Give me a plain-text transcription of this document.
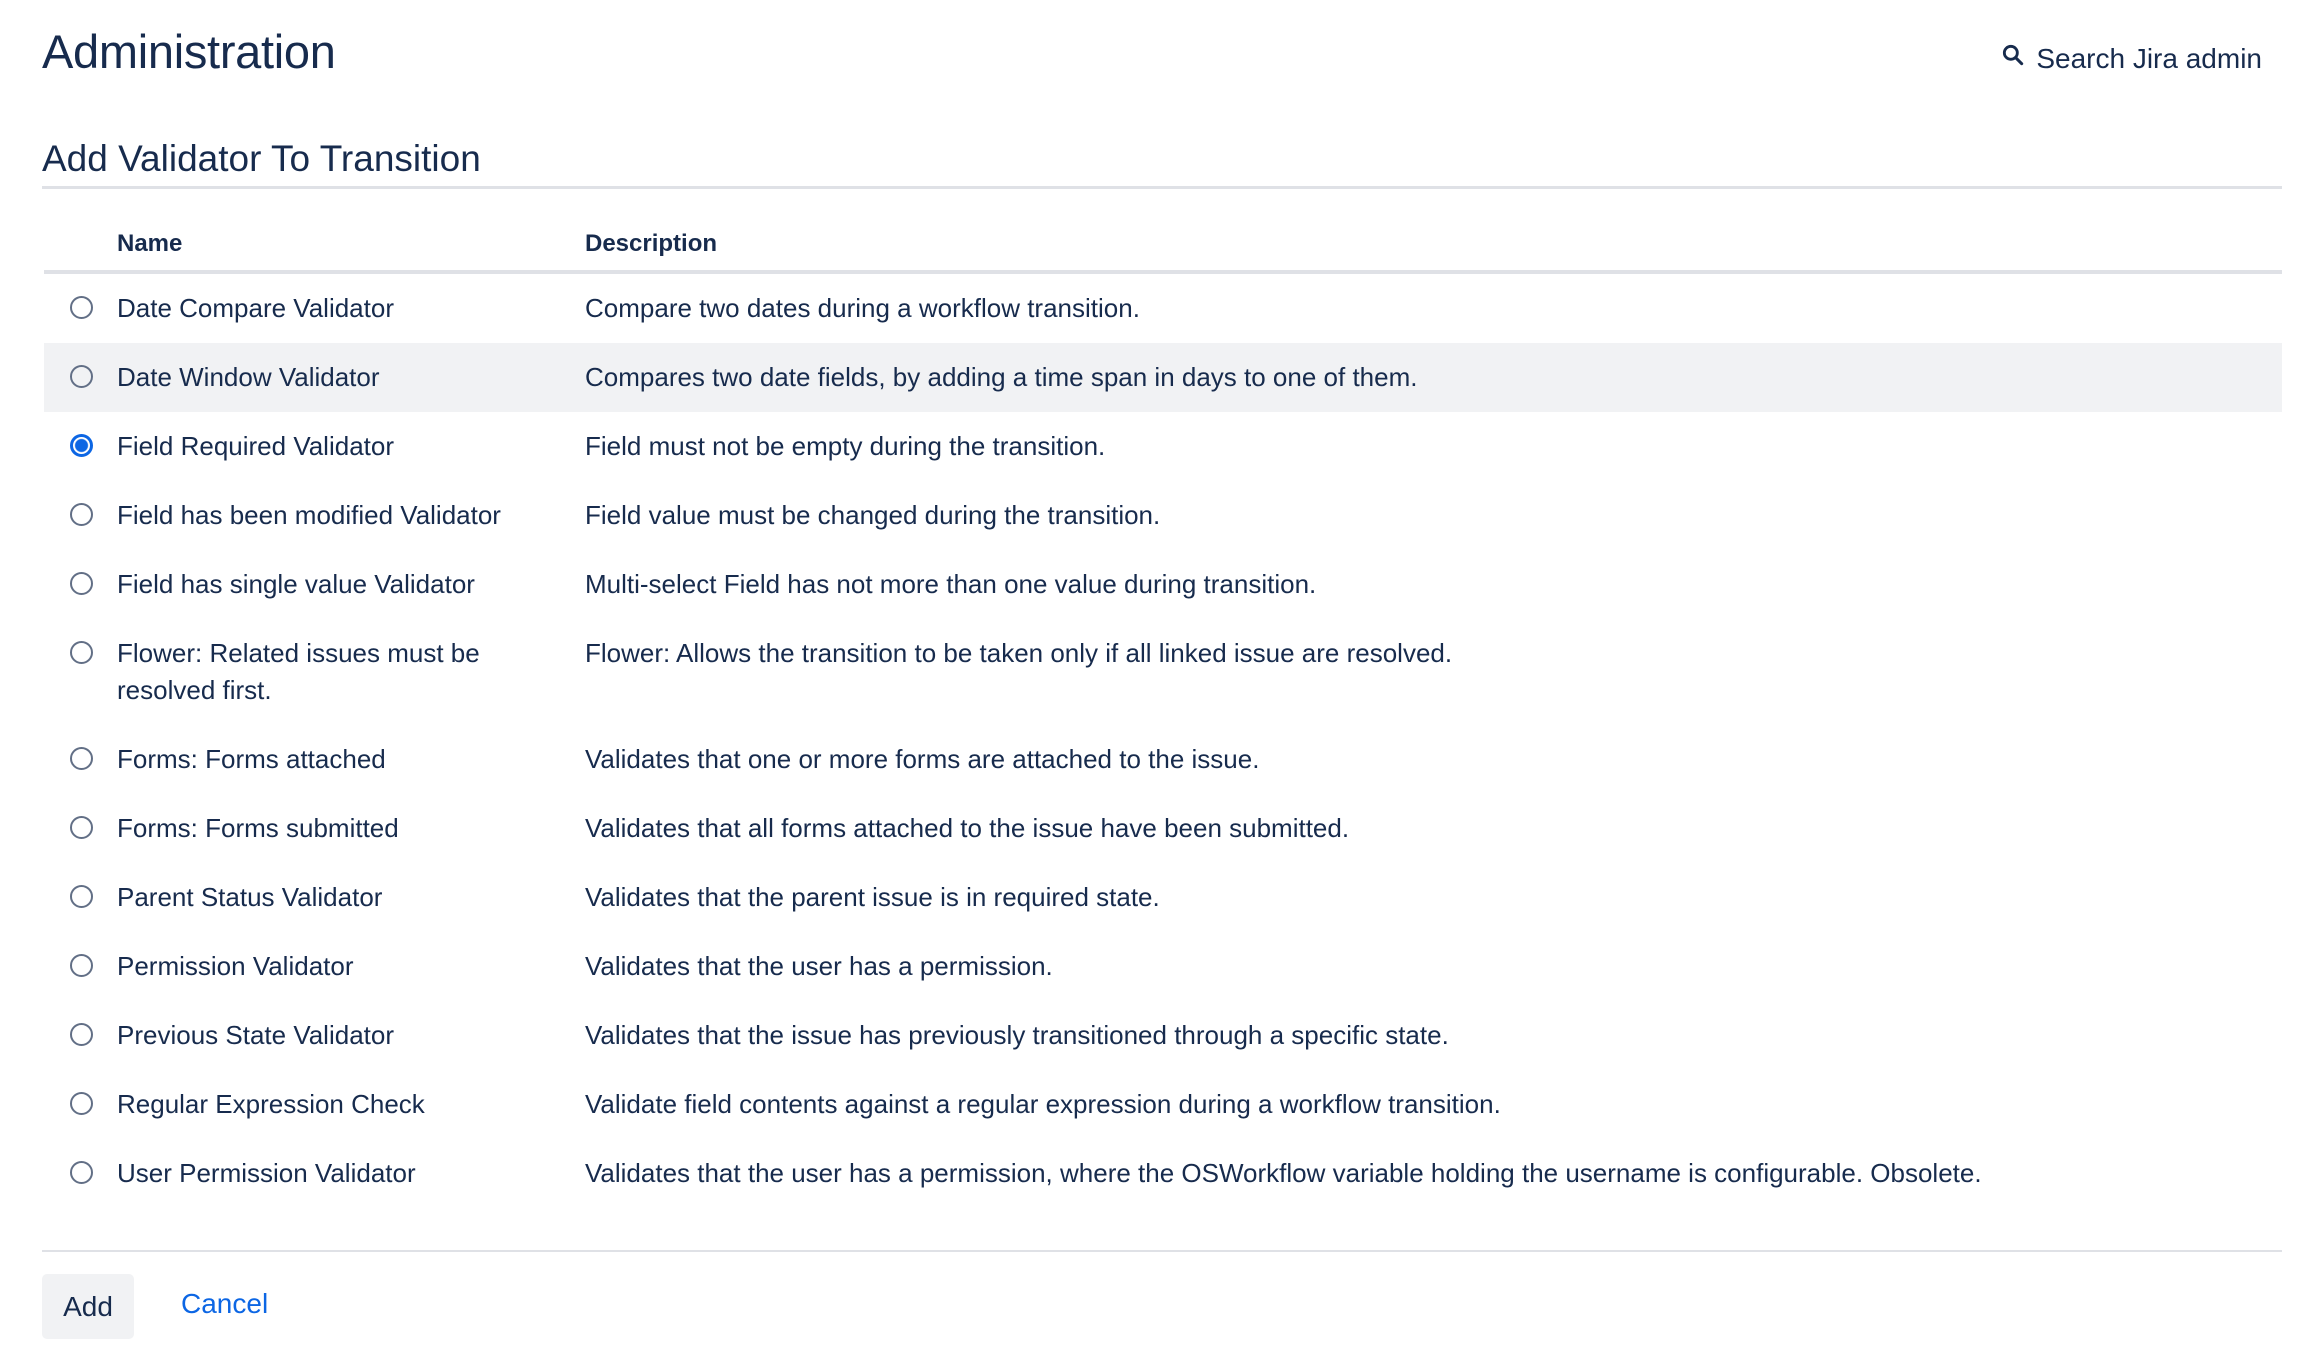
Administration	Search Jira admin
Add Validator To Transition
	Name	Description

	Date Compare Validator	Compare two dates during a workflow transition.

	Date Window Validator	Compares two date fields, by adding a time span in days to one of them.

	Field Required Validator	Field must not be empty during the transition.

	Field has been modified Validator	Field value must be changed during the transition.

	Field has single value Validator	Multi-select Field has not more than one value during transition.

	Flower: Related issues must be resolved first.	Flower: Allows the transition to be taken only if all linked issue are resolved.

	Forms: Forms attached	Validates that one or more forms are attached to the issue.

	Forms: Forms submitted	Validates that all forms attached to the issue have been submitted.

	Parent Status Validator	Validates that the parent issue is in required state.

	Permission Validator	Validates that the user has a permission.

	Previous State Validator	Validates that the issue has previously transitioned through a specific state.

	Regular Expression Check	Validate field contents against a regular expression during a workflow transition.

	User Permission Validator	Validates that the user has a permission, where the OSWorkflow variable holding the username is configurable. Obsolete.
Add	Cancel
